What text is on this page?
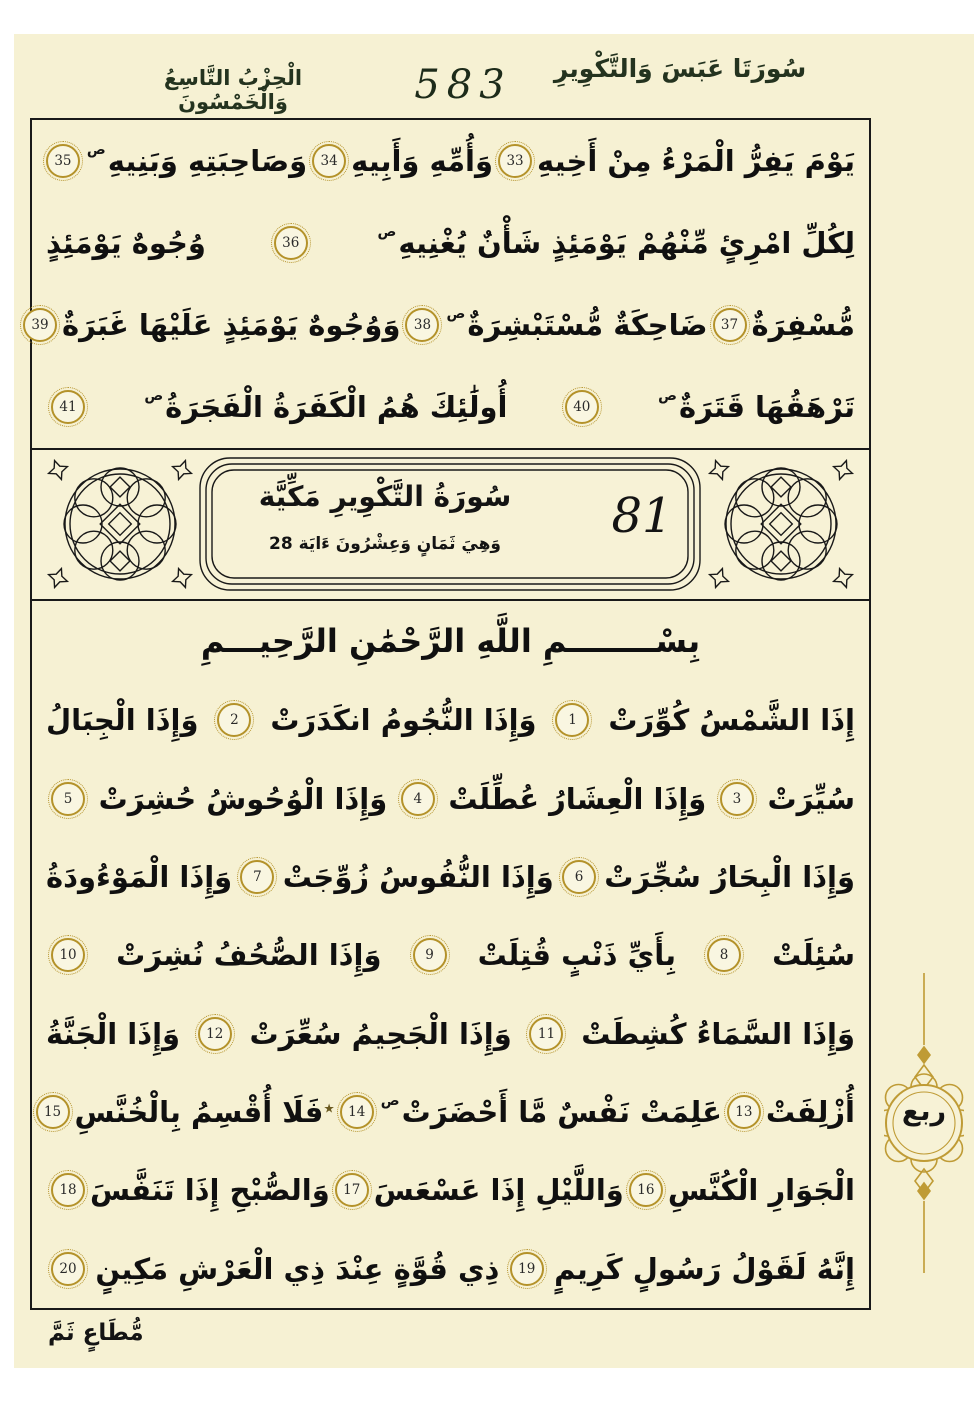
الْحِزْبُ التَّاسِعُ وَالْخَمْسُونَ	583	سُورَتَا عَبَسَ وَالتَّكْوِيرِ
يَوْمَ يَفِرُّ الْمَرْءُ مِنْ أَخِيهِ
33
وَأُمِّهِ وَأَبِيهِ
34
وَصَاحِبَتِهِ وَبَنِيهِص
35
لِكُلِّ امْرِئٍ مِّنْهُمْ يَوْمَئِذٍ شَأْنٌ يُغْنِيهِص
36
وُجُوهٌ يَوْمَئِذٍ
مُّسْفِرَةٌ
37
ضَاحِكَةٌ مُّسْتَبْشِرَةٌص
38
وَوُجُوهٌ يَوْمَئِذٍ عَلَيْهَا غَبَرَةٌ
39
تَرْهَقُهَا قَتَرَةٌص
40
أُولَٰئِكَ هُمُ الْكَفَرَةُ الْفَجَرَةُص
41
سُورَةُ التَّكْوِيرِ مَكِّيَّة
وَهِيَ ثَمَانٍ وَعِشْرُونَ ءَايَة 28	81
بِسْــــــــمِ اللَّهِ الرَّحْمَٰنِ الرَّحِيـــمِ
إِذَا الشَّمْسُ كُوِّرَتْ
1
وَإِذَا النُّجُومُ انكَدَرَتْ
2
وَإِذَا الْجِبَالُ
سُيِّرَتْ
3
وَإِذَا الْعِشَارُ عُطِّلَتْ
4
وَإِذَا الْوُحُوشُ حُشِرَتْ
5
وَإِذَا الْبِحَارُ سُجِّرَتْ
6
وَإِذَا النُّفُوسُ زُوِّجَتْ
7
وَإِذَا الْمَوْءُودَةُ
سُئِلَتْ
8
بِأَيِّ ذَنْبٍ قُتِلَتْ
9
وَإِذَا الصُّحُفُ نُشِرَتْ
10
وَإِذَا السَّمَاءُ كُشِطَتْ
11
وَإِذَا الْجَحِيمُ سُعِّرَتْ
12
وَإِذَا الْجَنَّةُ
أُزْلِفَتْ
13
عَلِمَتْ نَفْسٌ مَّا أَحْضَرَتْص
14
٭
فَلَا أُقْسِمُ بِالْخُنَّسِ
15
الْجَوَارِ الْكُنَّسِ
16
وَاللَّيْلِ إِذَا عَسْعَسَ
17
وَالصُّبْحِ إِذَا تَنَفَّسَ
18
إِنَّهُ لَقَوْلُ رَسُولٍ كَرِيمٍ
19
ذِي قُوَّةٍ عِنْدَ ذِي الْعَرْشِ مَكِينٍ
20
ربع
مُّطَاعٍ ثَمَّ
